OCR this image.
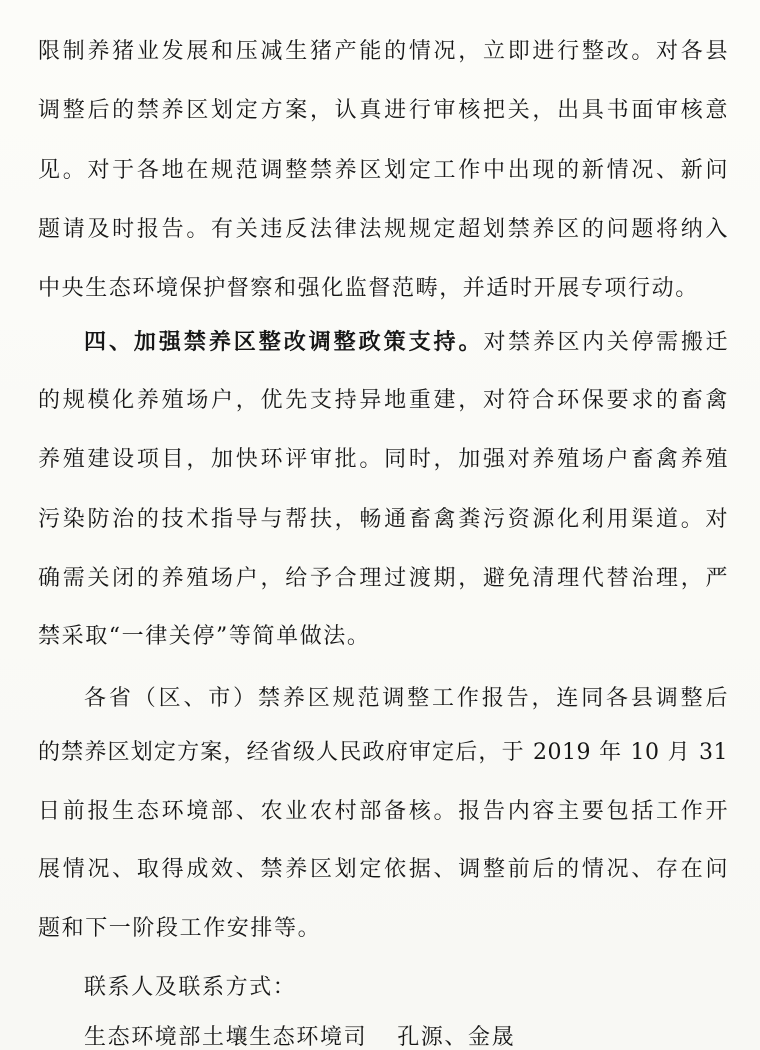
限制养猪业发展和压减生猪产能的情况，立即进行整改。对各县
调整后的禁养区划定方案，认真进行审核把关，出具书面审核意
见。对于各地在规范调整禁养区划定工作中出现的新情况、新问
题请及时报告。有关违反法律法规规定超划禁养区的问题将纳入
中央生态环境保护督察和强化监督范畴，并适时开展专项行动。
四、加强禁养区整改调整政策支持。对禁养区内关停需搬迁
的规模化养殖场户，优先支持异地重建，对符合环保要求的畜禽
养殖建设项目，加快环评审批。同时，加强对养殖场户畜禽养殖
污染防治的技术指导与帮扶，畅通畜禽粪污资源化利用渠道。对
确需关闭的养殖场户，给予合理过渡期，避免清理代替治理，严
禁采取“一律关停”等简单做法。
各省（区、市）禁养区规范调整工作报告，连同各县调整后
的禁养区划定方案，经省级人民政府审定后，于 2019 年 10 月 31
日前报生态环境部、农业农村部备核。报告内容主要包括工作开
展情况、取得成效、禁养区划定依据、调整前后的情况、存在问
题和下一阶段工作安排等。
联系人及联系方式：
生态环境部土壤生态环境司 孔源、金晟
